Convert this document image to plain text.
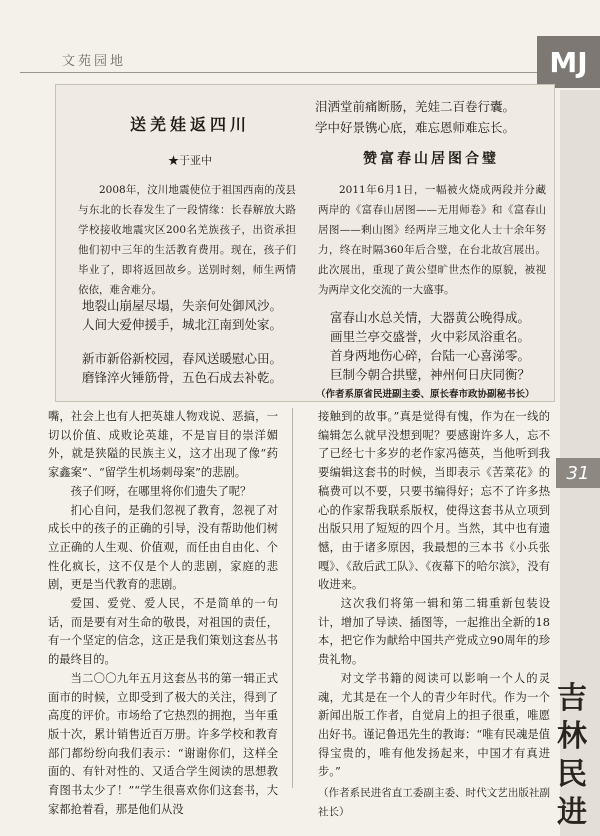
文苑园地	MJ
送羌娃返四川
★于亚中
2008年，汶川地震使位于祖国西南的茂县与东北的长春发生了一段情缘：长春解放大路学校接收地震灾区200名羌族孩子，出资承担他们初中三年的生活教育费用。现在，孩子们毕业了，即将返回故乡。送别时刻，师生两情依依，难舍难分。
地裂山崩屋尽塌，失亲何处御风沙。
人间大爱伸援手，城北江南到处家。
新市新俗新校园，春风送暖慰心田。
磨锋淬火锤筋骨，五色石成去补乾。
泪洒堂前痛断肠，羌娃二百卷行囊。
学中好景镌心底，难忘恩师难忘长。
赞富春山居图合璧
2011年6月1日，一幅被火烧成两段并分藏两岸的《富春山居图——无用师卷》和《富春山居图——剩山图》经两岸三地文化人士十余年努力，终在时隔360年后合璧，在台北故宫展出。此次展出，重现了黄公望旷世杰作的原貌，被视为两岸文化交流的一大盛事。
富春山水总关情，大器黄公晚得成。
画里兰亭交盛誉，火中彩凤浴重名。
首身两地伤心碎，台陆一心喜涕零。
巨制今朝合拱璧，神州何日庆同衡？
（作者系原省民进副主委、原长春市政协副秘书长）

嘴，社会上也有人把英雄人物戏说、恶搞，一切以价值、成败论英雄，不是盲目的崇洋媚外，就是狭隘的民族主义，这才出现了像“药家鑫案”、“留学生机场刺母案”的悲剧。

孩子们呀，在哪里将你们遗失了呢？

扪心自问，是我们忽视了教育，忽视了对成长中的孩子的正确的引导，没有帮助他们树立正确的人生观、价值观，而任由自由化、个性化疯长，这不仅是个人的悲剧，家庭的悲剧，更是当代教育的悲剧。

爱国、爱党、爱人民，不是简单的一句话，而是要有对生命的敬畏，对祖国的责任，有一个坚定的信念，这正是我们策划这套丛书的最终目的。

当二〇〇九年五月这套丛书的第一辑正式面市的时候，立即受到了极大的关注，得到了高度的评价。市场给了它热烈的拥抱，当年重版十次，累计销售近百万册。许多学校和教育部门都纷纷向我们表示：“谢谢你们，这样全面的、有针对性的、又适合学生阅读的思想教育图书太少了！”“学生很喜欢你们这套书，大家都抢着看，那是他们从没

接触到的故事。”真是觉得有愧，作为在一线的编辑怎么就早没想到呢？要感谢许多人，忘不了已经七十多岁的老作家冯德英，当他听到我要编辑这套书的时候，当即表示《苦菜花》的稿费可以不要，只要书编得好；忘不了许多热心的作家帮我联系版权，使得这套书从立项到出版只用了短短的四个月。当然，其中也有遗憾，由于诸多原因，我最想的三本书《小兵张嘎》、《敌后武工队》、《夜幕下的哈尔滨》，没有收进来。

这次我们将第一辑和第二辑重新包装设计，增加了导读、插图等，一起推出全新的18本，把它作为献给中国共产党成立90周年的珍贵礼物。

对文学书籍的阅读可以影响一个人的灵魂，尤其是在一个人的青少年时代。作为一个新闻出版工作者，自觉肩上的担子很重，唯愿出好书。谨记鲁迅先生的教诲：“唯有民魂是值得宝贵的，唯有他发扬起来，中国才有真进步。”

（作者系民进省直工委副主委、时代文艺出版社副社长）

31
吉
林
民
进
